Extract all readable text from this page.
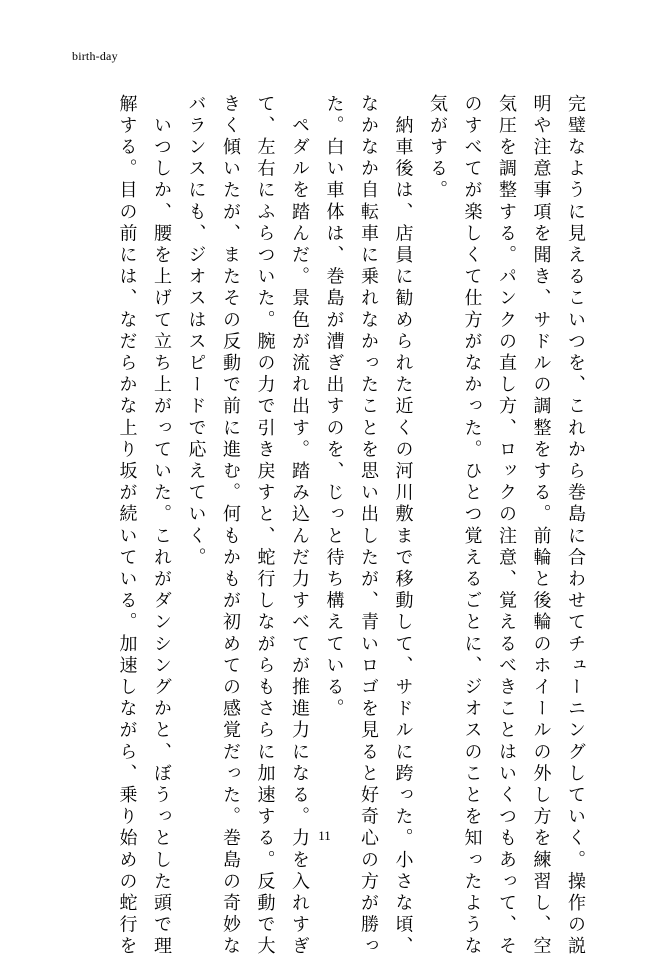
birth-day
完璧なように見えるこいつを、これから巻島に合わせてチューニングしていく。操作の説
明や注意事項を聞き、サドルの調整をする。前輪と後輪のホイールの外し方を練習し、空
気圧を調整する。パンクの直し方、ロックの注意、覚えるべきことはいくつもあって、そ
のすべてが楽しくて仕方がなかった。ひとつ覚えるごとに、ジオスのことを知ったような
気がする。
　納車後は、店員に勧められた近くの河川敷まで移動して、サドルに跨った。小さな頃、
なかなか自転車に乗れなかったことを思い出したが、青いロゴを見ると好奇心の方が勝っ
た。白い車体は、巻島が漕ぎ出すのを、じっと待ち構えている。
　ペダルを踏んだ。景色が流れ出す。踏み込んだ力すべてが推進力になる。力を入れすぎ
て、左右にふらついた。腕の力で引き戻すと、蛇行しながらもさらに加速する。反動で大
きく傾いたが、またその反動で前に進む。何もかもが初めての感覚だった。巻島の奇妙な
バランスにも、ジオスはスピードで応えていく。
　いつしか、腰を上げて立ち上がっていた。これがダンシングかと、ぼうっとした頭で理
解する。目の前には、なだらかな上り坂が続いている。加速しながら、乗り始めの蛇行を	11
